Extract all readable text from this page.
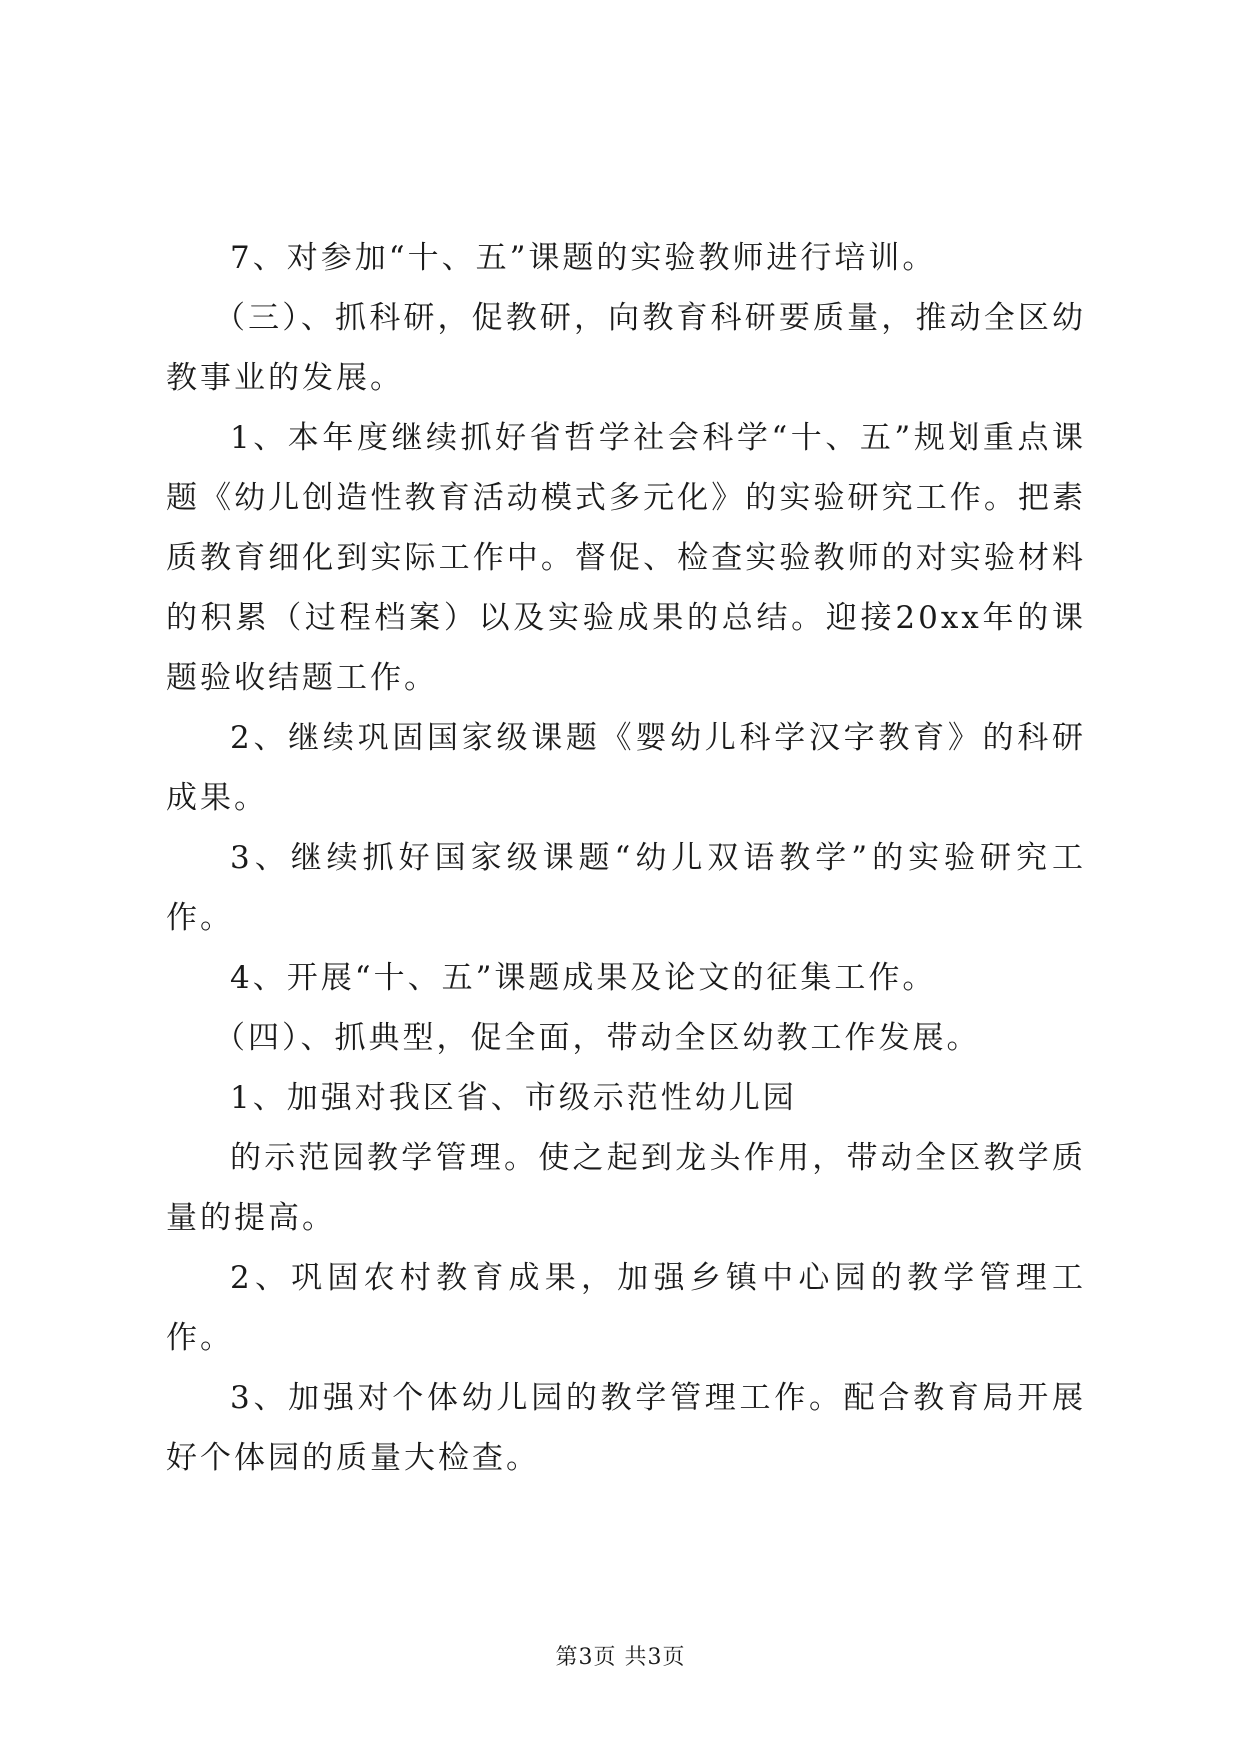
7、对参加“十、五”课题的实验教师进行培训。

（三）、抓科研，促教研，向教育科研要质量，推动全区幼教事业的发展。

1、本年度继续抓好省哲学社会科学“十、五”规划重点课题《幼儿创造性教育活动模式多元化》的实验研究工作。把素质教育细化到实际工作中。督促、检查实验教师的对实验材料的积累（过程档案）以及实验成果的总结。迎接20xx年的课题验收结题工作。

2、继续巩固国家级课题《婴幼儿科学汉字教育》的科研成果。

3、继续抓好国家级课题“幼儿双语教学”的实验研究工作。

4、开展“十、五”课题成果及论文的征集工作。

（四）、抓典型，促全面，带动全区幼教工作发展。

1、加强对我区省、市级示范性幼儿园

的示范园教学管理。使之起到龙头作用，带动全区教学质量的提高。

2、巩固农村教育成果，加强乡镇中心园的教学管理工作。

3、加强对个体幼儿园的教学管理工作。配合教育局开展好个体园的质量大检查。

第3页 共3页
